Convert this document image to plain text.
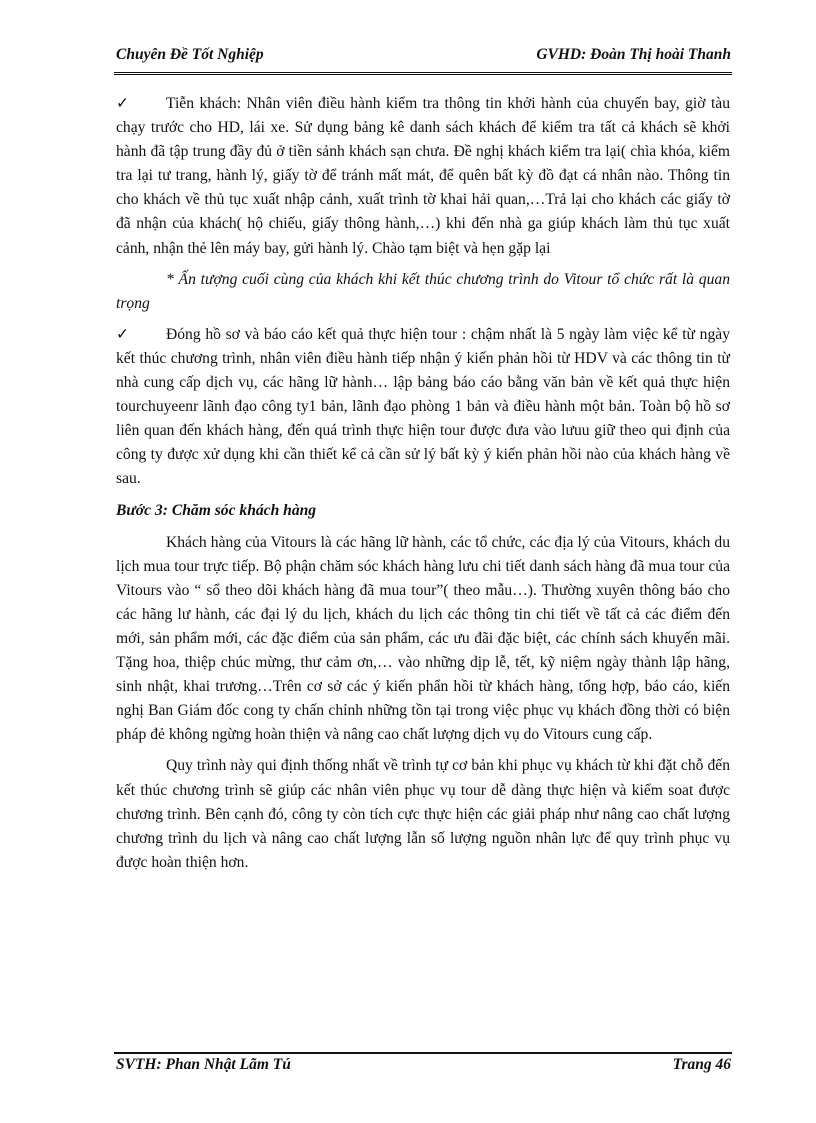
Chuyên Đề Tốt Nghiệp	GVHD: Đoàn Thị hoài Thanh

✓ Tiễn khách: Nhân viên điều hành kiểm tra thông tin khởi hành của chuyến bay, giờ tàu chạy trước cho HD, lái xe. Sử dụng bảng kê danh sách khách để kiểm tra tất cả khách sẽ khởi hành đã tập trung đầy đủ ở tiền sảnh khách sạn chưa. Đề nghị khách kiểm tra lại( chìa khóa, kiểm tra lại tư trang, hành lý, giấy tờ để tránh mất mát, để quên bất kỳ đồ đạt cá nhân nào. Thông tin cho khách về thủ tục xuất nhập cảnh, xuất trình tờ khai hải quan,…Trả lại cho khách các giấy tờ đã nhận của khách( hộ chiếu, giấy thông hành,…) khi đến nhà ga giúp khách làm thủ tục xuất cảnh, nhận thẻ lên máy bay, gửi hành lý. Chào tạm biệt và hẹn gặp lại

* Ấn tượng cuối cùng của khách khi kết thúc chương trình do Vitour tổ chức rất là quan trọng

✓ Đóng hồ sơ và báo cáo kết quả thực hiện tour : chậm nhất là 5 ngày làm việc kể từ ngày kết thúc chương trình, nhân viên điều hành tiếp nhận ý kiến phản hồi từ HDV và các thông tin từ nhà cung cấp dịch vụ, các hãng lữ hành… lập bảng báo cáo bằng văn bản về kết quả thực hiện tourchuyeenr lãnh đạo công ty1 bản, lãnh đạo phòng 1 bản và điều hành một bản. Toàn bộ hồ sơ liên quan đến khách hàng, đến quá trình thực hiện tour được đưa vào lưuu giữ theo qui định của công ty được xử dụng khi cần thiết kể cả cần sử lý bất kỳ ý kiến phản hồi nào của khách hàng về sau.

Bước 3: Chăm sóc khách hàng

Khách hàng của Vitours là các hãng lữ hành, các tổ chức, các địa lý của Vitours, khách du lịch mua tour trực tiếp. Bộ phận chăm sóc khách hàng lưu chi tiết danh sách hàng đã mua tour của Vitours vào “ sổ theo dõi khách hàng đã mua tour”( theo mẫu…). Thường xuyên thông báo cho các hãng lư hành, các đại lý du lịch, khách du lịch các thông tin chi tiết về tất cả các điểm đến mới, sản phẩm mới, các đặc điểm của sản phẩm, các ưu đãi đặc biệt, các chính sách khuyến mãi. Tặng hoa, thiệp chúc mừng, thư cảm ơn,… vào những dịp lễ, tết, kỹ niệm ngày thành lập hãng, sinh nhật, khai trương…Trên cơ sở các ý kiến phẩn hồi từ khách hàng, tổng hợp, báo cáo, kiến nghị Ban Giám đốc cong ty chấn chỉnh những tồn tại trong việc phục vụ khách đồng thời có biện pháp đẻ không ngừng hoàn thiện và nâng cao chất lượng dịch vụ do Vitours cung cấp.

Quy trình này qui định thống nhất về trình tự cơ bản khi phục vụ khách từ khi đặt chỗ đến kết thúc chương trình sẽ giúp các nhân viên phục vụ tour dễ dàng thực hiện và kiểm soat được chương trình. Bên cạnh đó, công ty còn tích cực thực hiện các giải pháp như nâng cao chất lượng chương trình du lịch và nâng cao chất lượng lẫn số lượng nguồn nhân lực để quy trình phục vụ được hoàn thiện hơn.

SVTH: Phan Nhật Lãm Tú	Trang 46
